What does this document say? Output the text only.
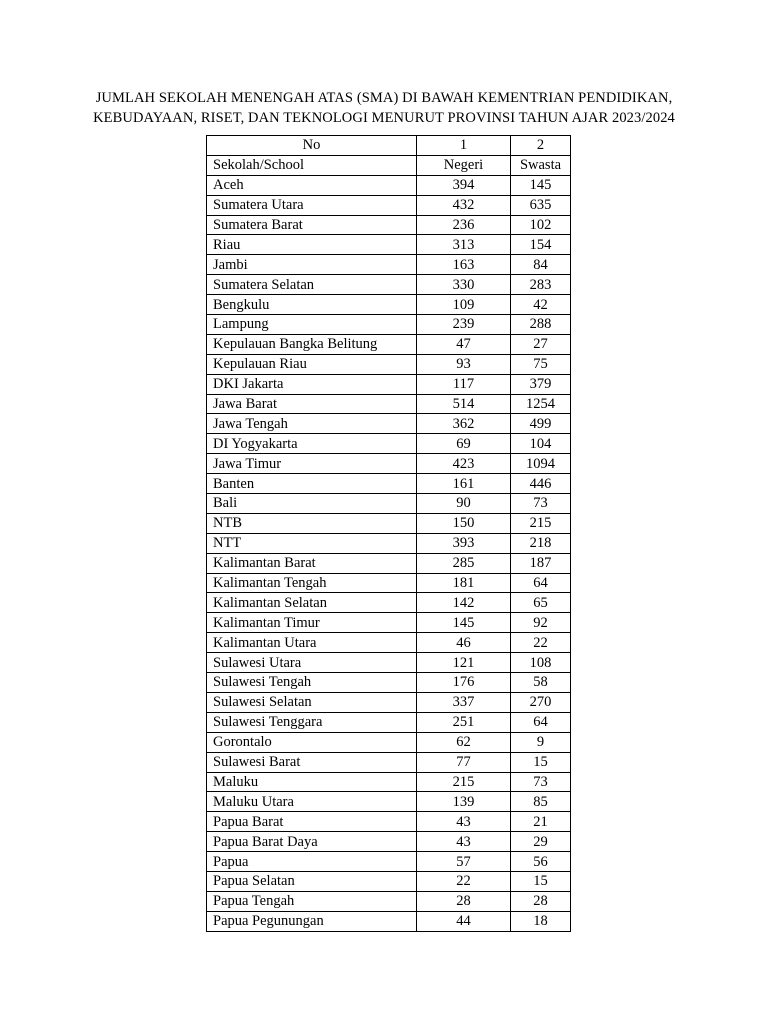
JUMLAH SEKOLAH MENENGAH ATAS (SMA) DI BAWAH KEMENTRIAN PENDIDIKAN,
KEBUDAYAAN, RISET, DAN TEKNOLOGI MENURUT PROVINSI TAHUN AJAR 2023/2024
No	1	2
Sekolah/School	Negeri	Swasta
Aceh	394	145
Sumatera Utara	432	635
Sumatera Barat	236	102
Riau	313	154
Jambi	163	84
Sumatera Selatan	330	283
Bengkulu	109	42
Lampung	239	288
Kepulauan Bangka Belitung	47	27
Kepulauan Riau	93	75
DKI Jakarta	117	379
Jawa Barat	514	1254
Jawa Tengah	362	499
DI Yogyakarta	69	104
Jawa Timur	423	1094
Banten	161	446
Bali	90	73
NTB	150	215
NTT	393	218
Kalimantan Barat	285	187
Kalimantan Tengah	181	64
Kalimantan Selatan	142	65
Kalimantan Timur	145	92
Kalimantan Utara	46	22
Sulawesi Utara	121	108
Sulawesi Tengah	176	58
Sulawesi Selatan	337	270
Sulawesi Tenggara	251	64
Gorontalo	62	9
Sulawesi Barat	77	15
Maluku	215	73
Maluku Utara	139	85
Papua Barat	43	21
Papua Barat Daya	43	29
Papua	57	56
Papua Selatan	22	15
Papua Tengah	28	28
Papua Pegunungan	44	18
